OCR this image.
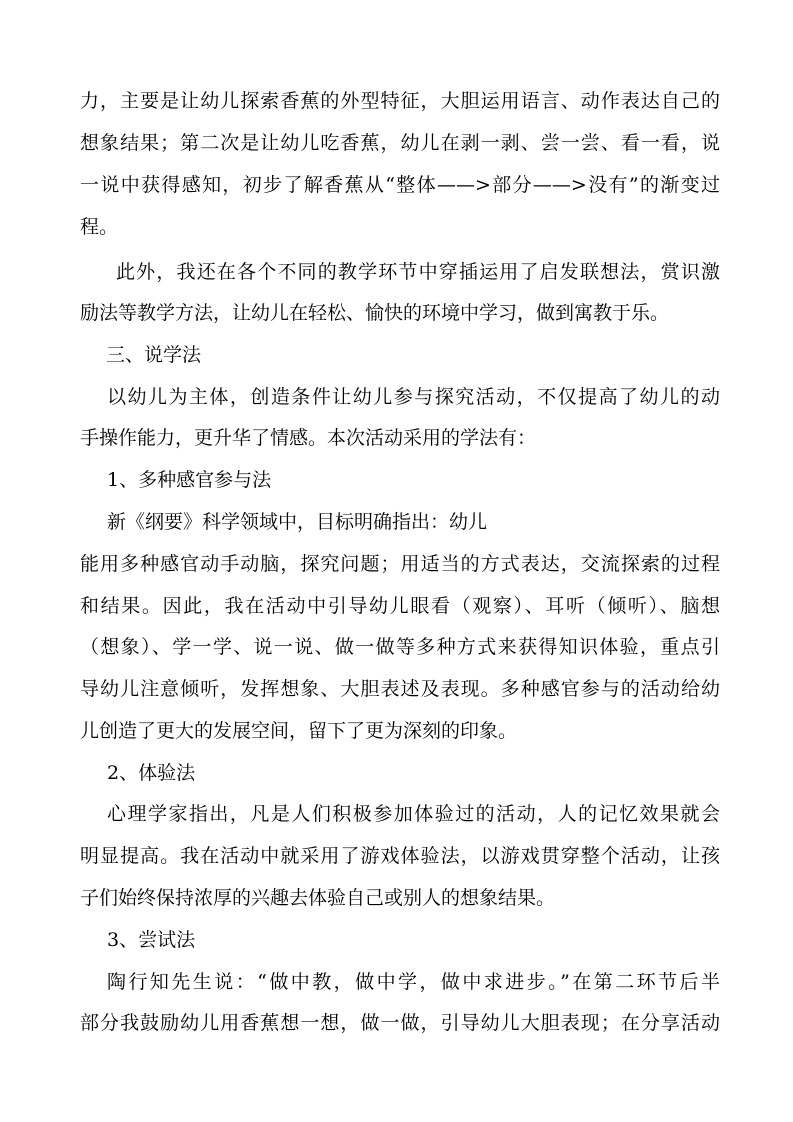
力，主要是让幼儿探索香蕉的外型特征，大胆运用语言、动作表达自己的
想象结果；第二次是让幼儿吃香蕉，幼儿在剥一剥、尝一尝、看一看，说
一说中获得感知，初步了解香蕉从“整体——>部分——>没有”的渐变过
程。
此外，我还在各个不同的教学环节中穿插运用了启发联想法，赏识激
励法等教学方法，让幼儿在轻松、愉快的环境中学习，做到寓教于乐。
三、说学法
以幼儿为主体，创造条件让幼儿参与探究活动，不仅提高了幼儿的动
手操作能力，更升华了情感。本次活动采用的学法有：
1、多种感官参与法
新《纲要》科学领域中，目标明确指出：幼儿
能用多种感官动手动脑，探究问题；用适当的方式表达，交流探索的过程
和结果。因此，我在活动中引导幼儿眼看（观察）、耳听（倾听）、脑想
（想象）、学一学、说一说、做一做等多种方式来获得知识体验，重点引
导幼儿注意倾听，发挥想象、大胆表述及表现。多种感官参与的活动给幼
儿创造了更大的发展空间，留下了更为深刻的印象。
2、体验法
心理学家指出，凡是人们积极参加体验过的活动，人的记忆效果就会
明显提高。我在活动中就采用了游戏体验法，以游戏贯穿整个活动，让孩
子们始终保持浓厚的兴趣去体验自己或别人的想象结果。
3、尝试法
陶行知先生说：“做中教，做中学，做中求进步。”在第二环节后半
部分我鼓励幼儿用香蕉想一想，做一做，引导幼儿大胆表现；在分享活动
